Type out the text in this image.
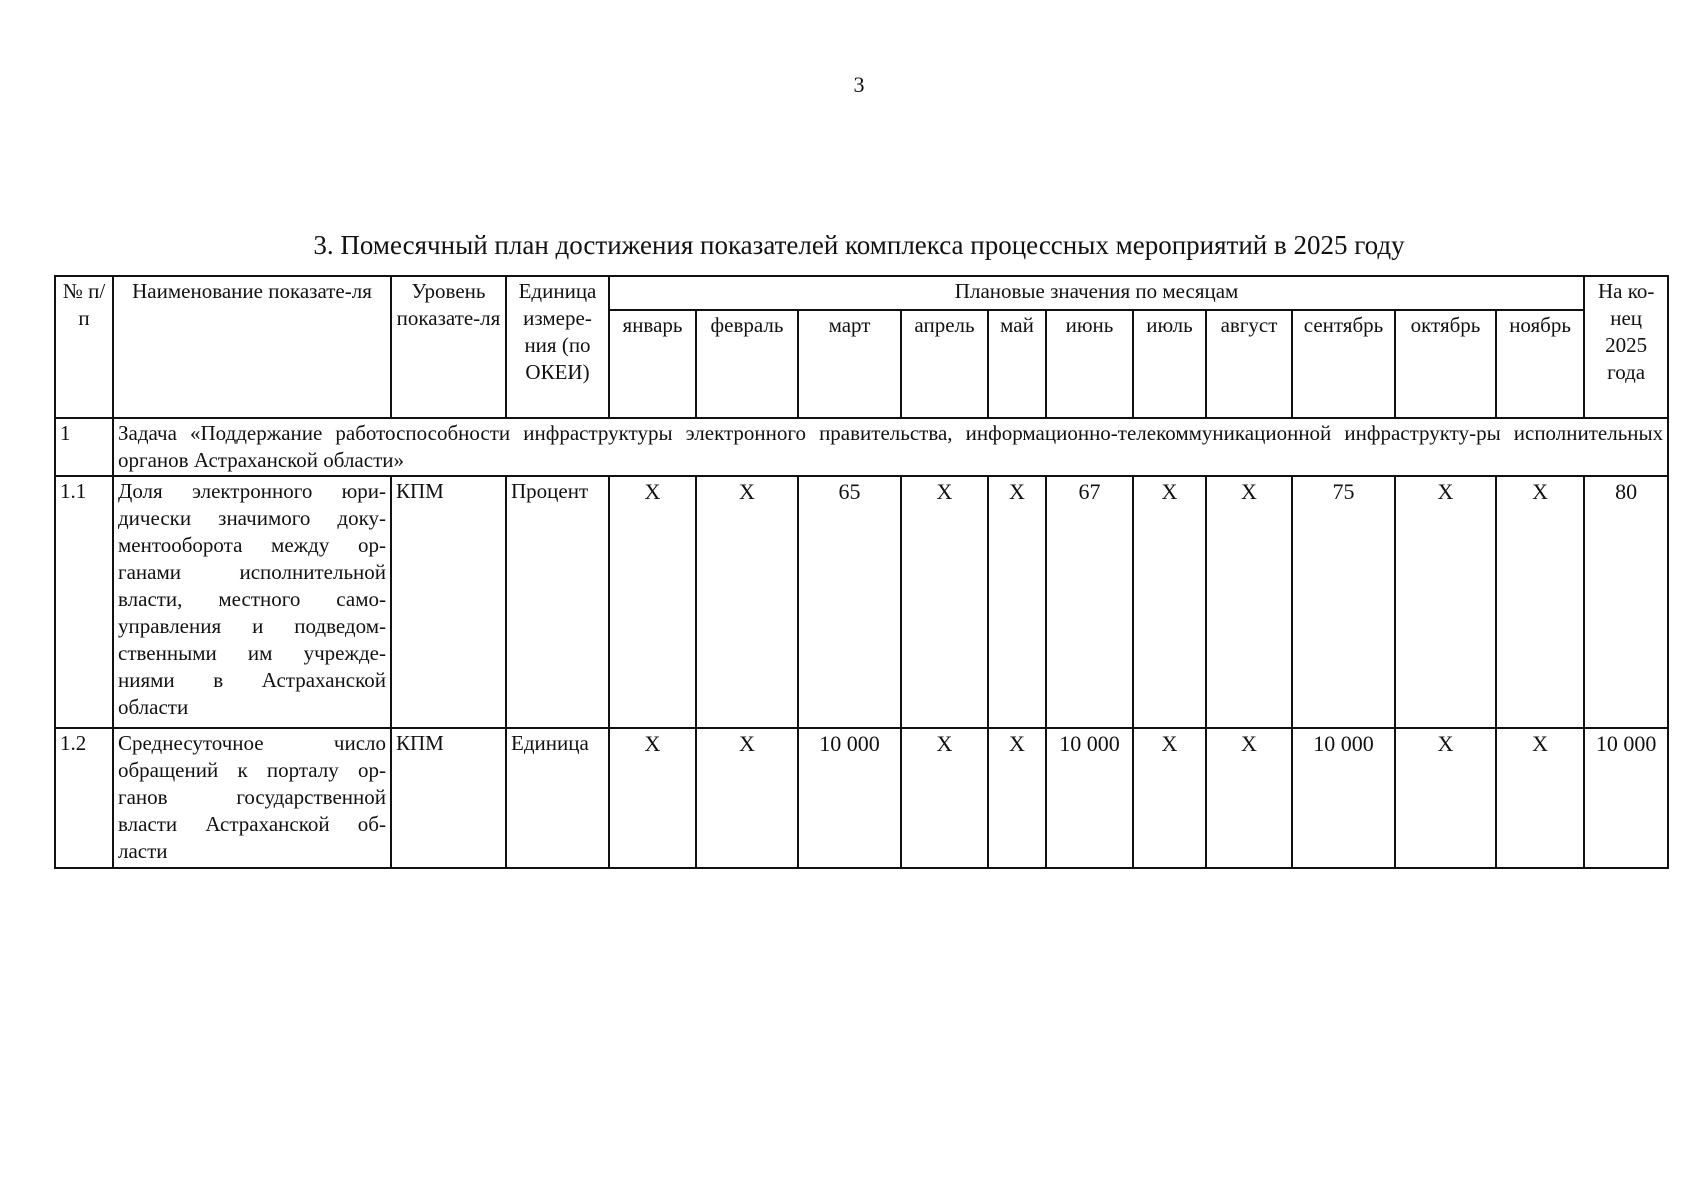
3
3. Помесячный план достижения показателей комплекса процессных мероприятий в 2025 году
№ п/п	Наименование показате-ля	Уровень показате-ля	Единица измере-ния (по ОКЕИ)	Плановые значения по месяцам											На ко-нец 2025 года
				январь	февраль	март	апрель	май	июнь	июль	август	сентябрь	октябрь	ноябрь	
1	Задача «Поддержание работоспособности инфраструктуры электронного правительства, информационно-телекоммуникационной инфраструкту-ры исполнительных органов Астраханской области»														
1.1	Доля электронного юри-дически значимого доку-ментооборота между ор-ганами исполнительной власти, местного само-управления и подведом-ственными им учрежде-ниями в Астраханской области	КПМ	Процент	X	X	65	X	X	67	X	X	75	X	X	80
1.2	Среднесуточное число обращений к порталу ор-ганов государственной власти Астраханской об-ласти	КПМ	Единица	X	X	10 000	X	X	10 000	X	X	10 000	X	X	10 000
